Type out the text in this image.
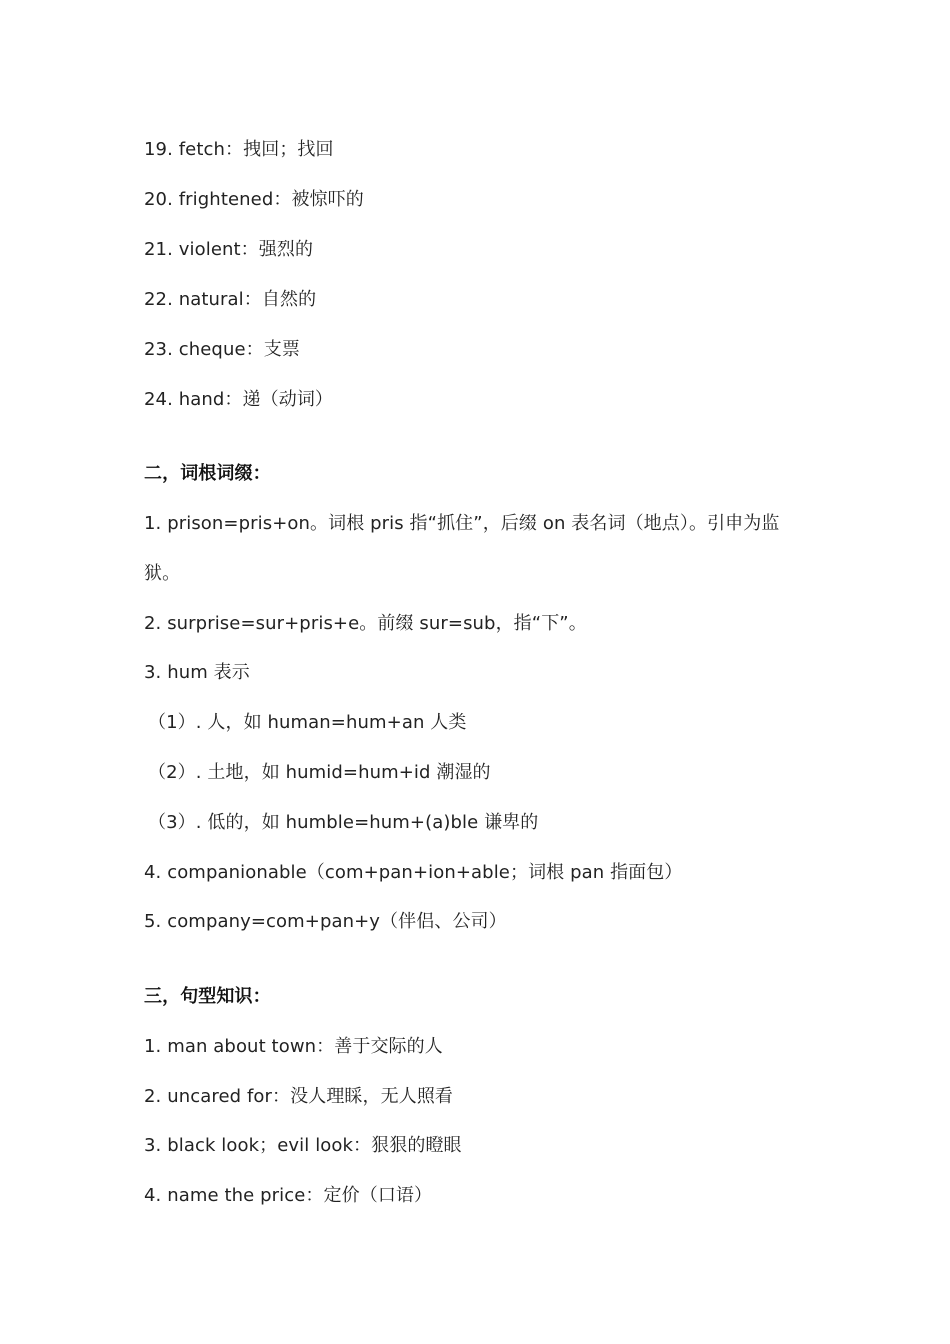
19. fetch：拽回；找回
20. frightened：被惊吓的
21. violent：强烈的
22. natural：自然的
23. cheque：支票
24. hand：递（动词）
二，词根词缀：
1. prison=pris+on。词根 pris 指“抓住”，后缀 on 表名词（地点）。引申为监
狱。
2. surprise=sur+pris+e。前缀 sur=sub，指“下”。
3. hum 表示
（1）. 人，如 human=hum+an 人类
（2）. 土地，如 humid=hum+id 潮湿的
（3）. 低的，如 humble=hum+(a)ble 谦卑的
4. companionable（com+pan+ion+able；词根 pan 指面包）
5. company=com+pan+y（伴侣、公司）
三，句型知识：
1. man about town：善于交际的人
2. uncared for：没人理睬，无人照看
3. black look；evil look：狠狠的瞪眼
4. name the price：定价（口语）
